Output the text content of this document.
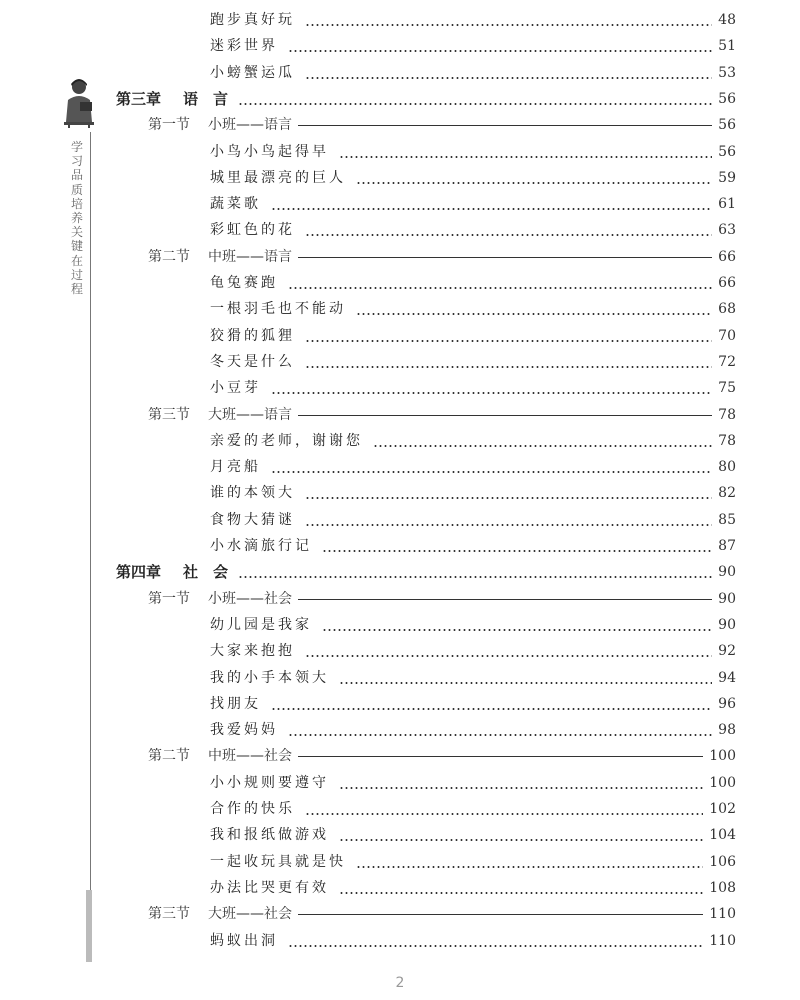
学习品质培养关键在过程
跑步真好玩	48
迷彩世界	51
小螃蟹运瓜	53
第三章 语　言	56
第一节 小班——语言	56
小鸟小鸟起得早	56
城里最漂亮的巨人	59
蔬菜歌	61
彩虹色的花	63
第二节 中班——语言	66
龟兔赛跑	66
一根羽毛也不能动	68
狡猾的狐狸	70
冬天是什么	72
小豆芽	75
第三节 大班——语言	78
亲爱的老师，谢谢您	78
月亮船	80
谁的本领大	82
食物大猜谜	85
小水滴旅行记	87
第四章 社　会	90
第一节 小班——社会	90
幼儿园是我家	90
大家来抱抱	92
我的小手本领大	94
找朋友	96
我爱妈妈	98
第二节 中班——社会	100
小小规则要遵守	100
合作的快乐	102
我和报纸做游戏	104
一起收玩具就是快	106
办法比哭更有效	108
第三节 大班——社会	110
蚂蚁出洞	110
2
